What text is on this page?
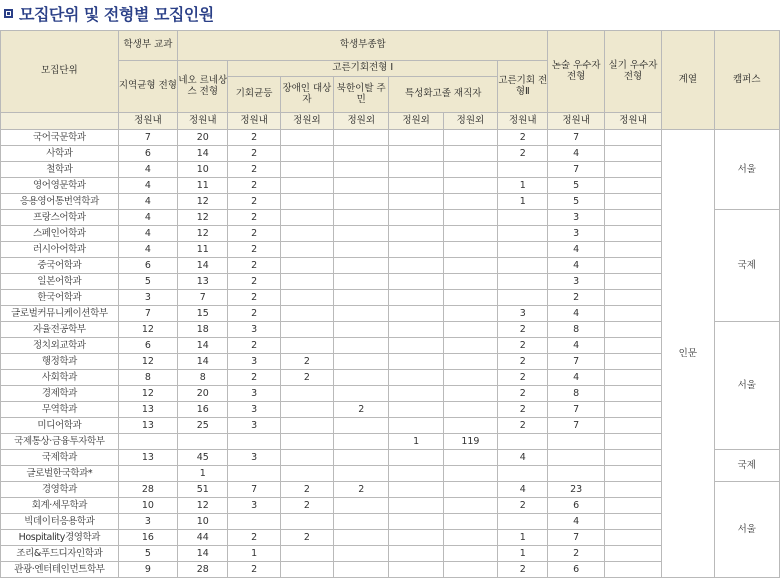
모집단위 및 전형별 모집인원
모집단위	학생부 교과	학생부종합							논술 우수자 전형	실기 우수자 전형	계열	캠퍼스
	지역균형 전형	네오 르네상스 전형	고른기회전형 Ⅰ					고른기회 전형Ⅱ				
			기회균등	장애인 대상자	북한이탈 주민	특성화고졸 재직자						
	정원내	정원내	정원내	정원외	정원외	정원외	정원외	정원내	정원내	정원내		
국어국문학과	7	20	2					2	7		인문	서울
사학과	6	14	2					2	4			
철학과	4	10	2						7			
영어영문학과	4	11	2					1	5			
응용영어통번역학과	4	12	2					1	5			
프랑스어학과	4	12	2						3			국제
스페인어학과	4	12	2						3			
러시아어학과	4	11	2						4			
중국어학과	6	14	2						4			
일본어학과	5	13	2						3			
한국어학과	3	7	2						2			
글로벌커뮤니케이션학부	7	15	2					3	4			
자율전공학부	12	18	3					2	8			서울
정치외교학과	6	14	2					2	4			
행정학과	12	14	3	2				2	7			
사회학과	8	8	2	2				2	4			
경제학과	12	20	3					2	8			
무역학과	13	16	3		2			2	7			
미디어학과	13	25	3					2	7			
국제통상·금융투자학부						1	119					
국제학과	13	45	3					4				국제
글로벌한국학과*		1										
경영학과	28	51	7	2	2			4	23			서울
회계·세무학과	10	12	3	2				2	6			
빅데이터응용학과	3	10							4			
Hospitality경영학과	16	44	2	2				1	7			
조리&푸드디자인학과	5	14	1					1	2			
관광·엔터테인먼트학부	9	28	2					2	6			
